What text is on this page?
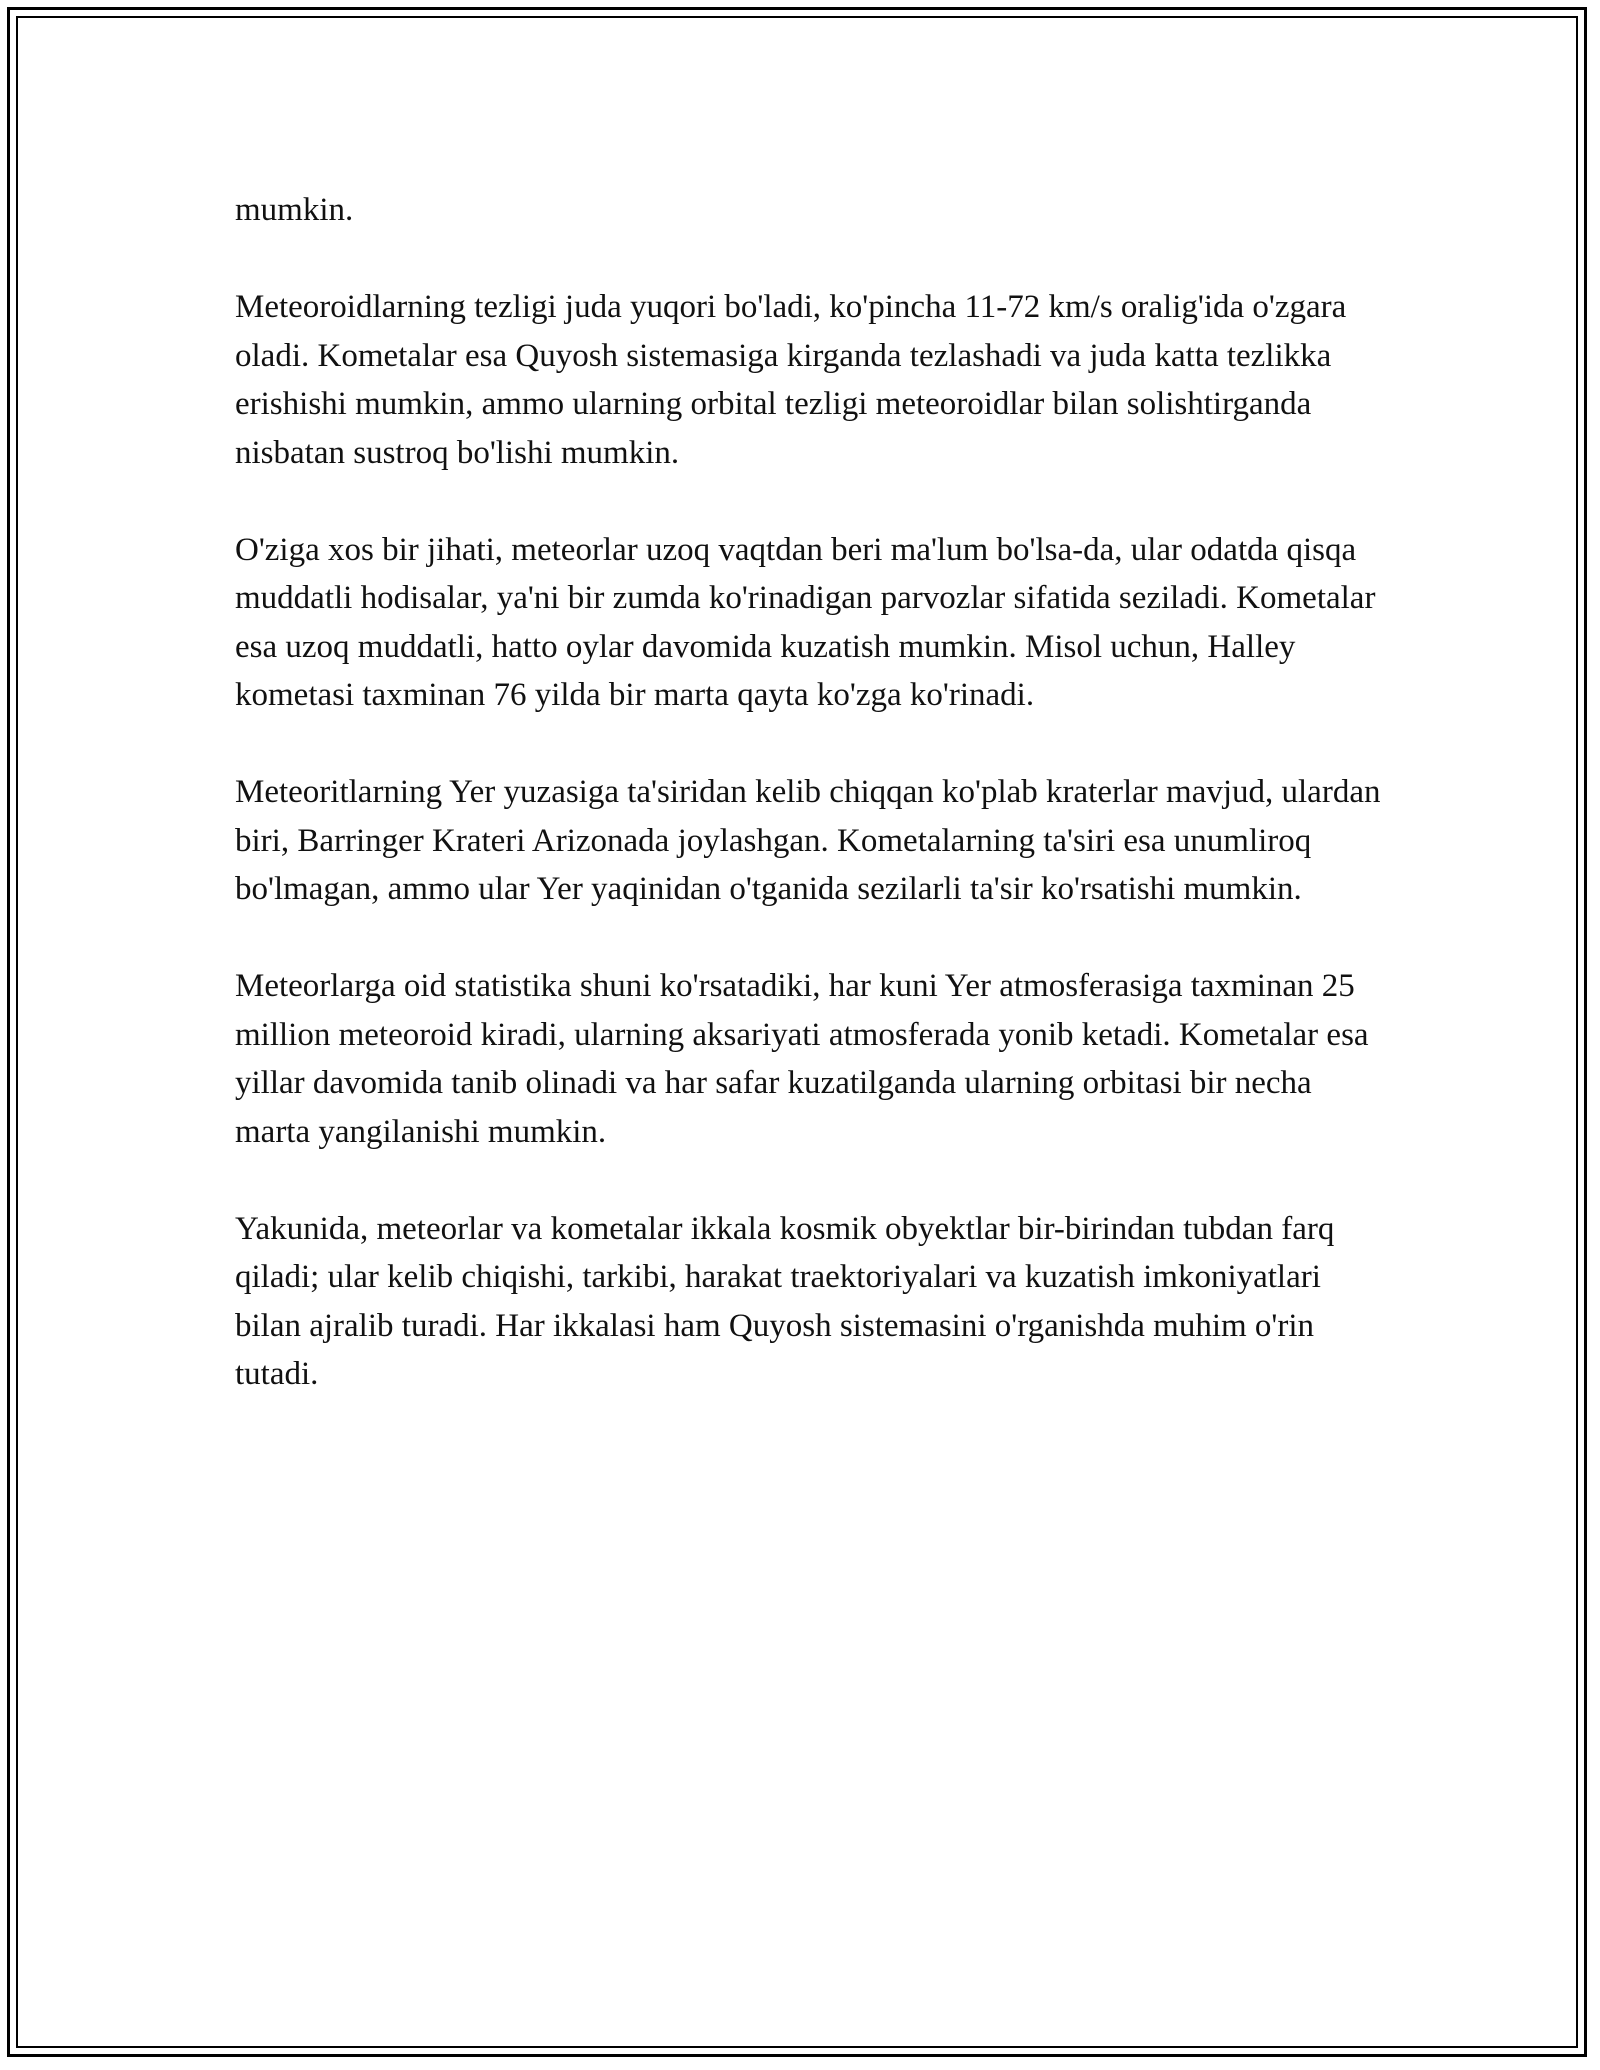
mumkin.

Meteoroidlarning tezligi juda yuqori bo'ladi, ko'pincha 11-72 km/s oralig'ida o'zgara oladi. Kometalar esa Quyosh sistemasiga kirganda tezlashadi va juda katta tezlikka erishishi mumkin, ammo ularning orbital tezligi meteoroidlar bilan solishtirganda nisbatan sustroq bo'lishi mumkin.

O'ziga xos bir jihati, meteorlar uzoq vaqtdan beri ma'lum bo'lsa-da, ular odatda qisqa muddatli hodisalar, ya'ni bir zumda ko'rinadigan parvozlar sifatida seziladi. Kometalar esa uzoq muddatli, hatto oylar davomida kuzatish mumkin. Misol uchun, Halley kometasi taxminan 76 yilda bir marta qayta ko'zga ko'rinadi.

Meteoritlarning Yer yuzasiga ta'siridan kelib chiqqan ko'plab kraterlar mavjud, ulardan biri, Barringer Krateri Arizonada joylashgan. Kometalarning ta'siri esa unumliroq bo'lmagan, ammo ular Yer yaqinidan o'tganida sezilarli ta'sir ko'rsatishi mumkin.

Meteorlarga oid statistika shuni ko'rsatadiki, har kuni Yer atmosferasiga taxminan 25 million meteoroid kiradi, ularning aksariyati atmosferada yonib ketadi. Kometalar esa yillar davomida tanib olinadi va har safar kuzatilganda ularning orbitasi bir necha marta yangilanishi mumkin.

Yakunida, meteorlar va kometalar ikkala kosmik obyektlar bir-birindan tubdan farq qiladi; ular kelib chiqishi, tarkibi, harakat traektoriyalari va kuzatish imkoniyatlari bilan ajralib turadi. Har ikkalasi ham Quyosh sistemasini o'rganishda muhim o'rin tutadi.
